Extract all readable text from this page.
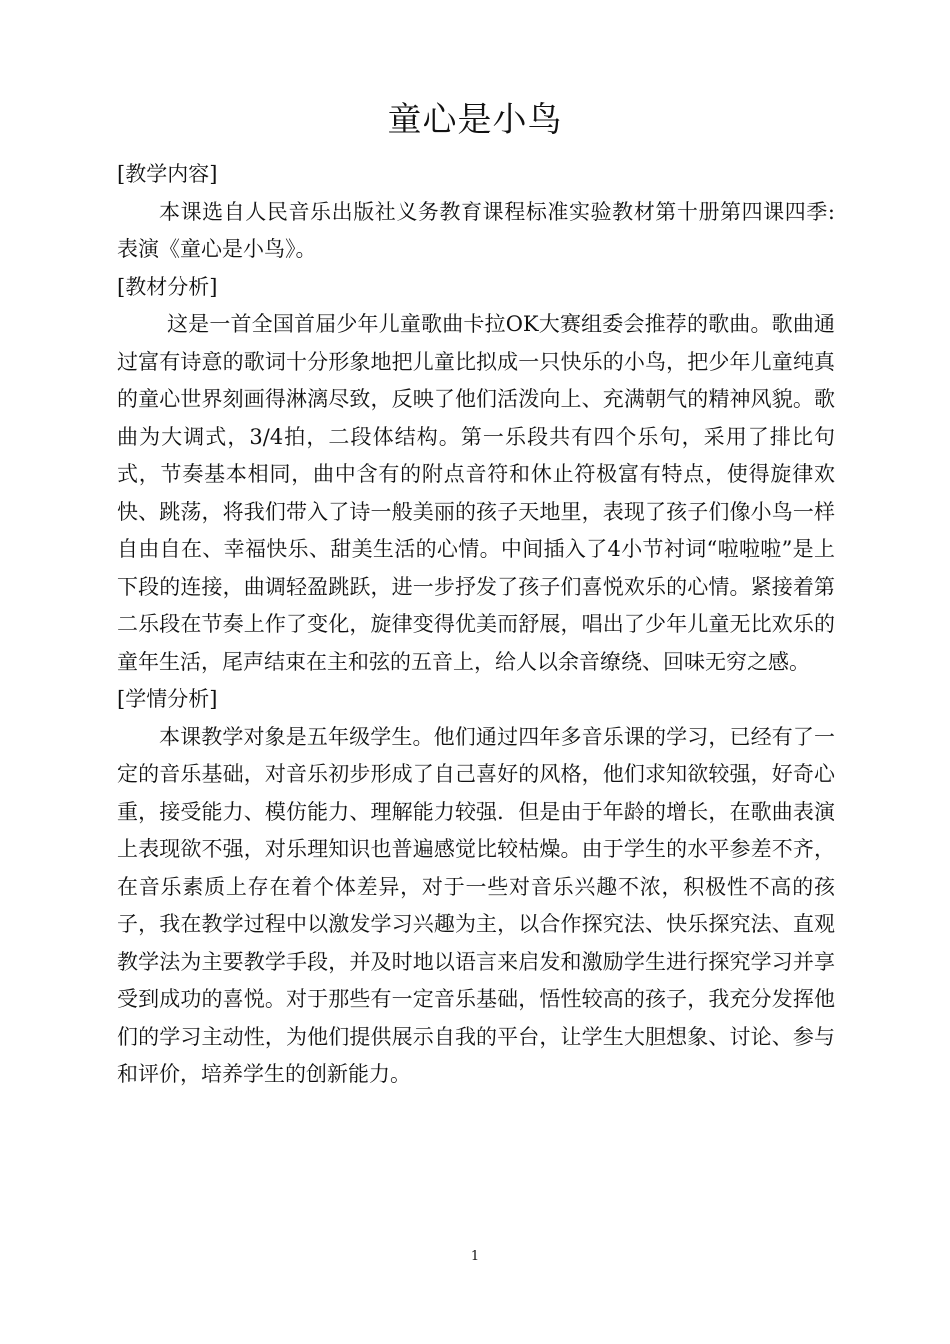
童心是小鸟
[教学内容]

本课选自人民音乐出版社义务教育课程标准实验教材第十册第四课四季:表演《童心是小鸟》。

[教材分析]

这是一首全国首届少年儿童歌曲卡拉OK大赛组委会推荐的歌曲。歌曲通过富有诗意的歌词十分形象地把儿童比拟成一只快乐的小鸟，把少年儿童纯真的童心世界刻画得淋漓尽致，反映了他们活泼向上、充满朝气的精神风貌。歌曲为大调式，3/4拍，二段体结构。第一乐段共有四个乐句，采用了排比句式，节奏基本相同，曲中含有的附点音符和休止符极富有特点，使得旋律欢快、跳荡，将我们带入了诗一般美丽的孩子天地里，表现了孩子们像小鸟一样自由自在、幸福快乐、甜美生活的心情。中间插入了4小节衬词“啦啦啦”是上下段的连接，曲调轻盈跳跃，进一步抒发了孩子们喜悦欢乐的心情。紧接着第二乐段在节奏上作了变化，旋律变得优美而舒展，唱出了少年儿童无比欢乐的童年生活，尾声结束在主和弦的五音上，给人以余音缭绕、回味无穷之感。

[学情分析]

本课教学对象是五年级学生。他们通过四年多音乐课的学习，已经有了一定的音乐基础，对音乐初步形成了自己喜好的风格，他们求知欲较强，好奇心重，接受能力、模仿能力、理解能力较强．但是由于年龄的增长，在歌曲表演上表现欲不强，对乐理知识也普遍感觉比较枯燥。由于学生的水平参差不齐，在音乐素质上存在着个体差异，对于一些对音乐兴趣不浓，积极性不高的孩子，我在教学过程中以激发学习兴趣为主，以合作探究法、快乐探究法、直观教学法为主要教学手段，并及时地以语言来启发和激励学生进行探究学习并享受到成功的喜悦。对于那些有一定音乐基础，悟性较高的孩子，我充分发挥他们的学习主动性，为他们提供展示自我的平台，让学生大胆想象、讨论、参与和评价，培养学生的创新能力。

1
